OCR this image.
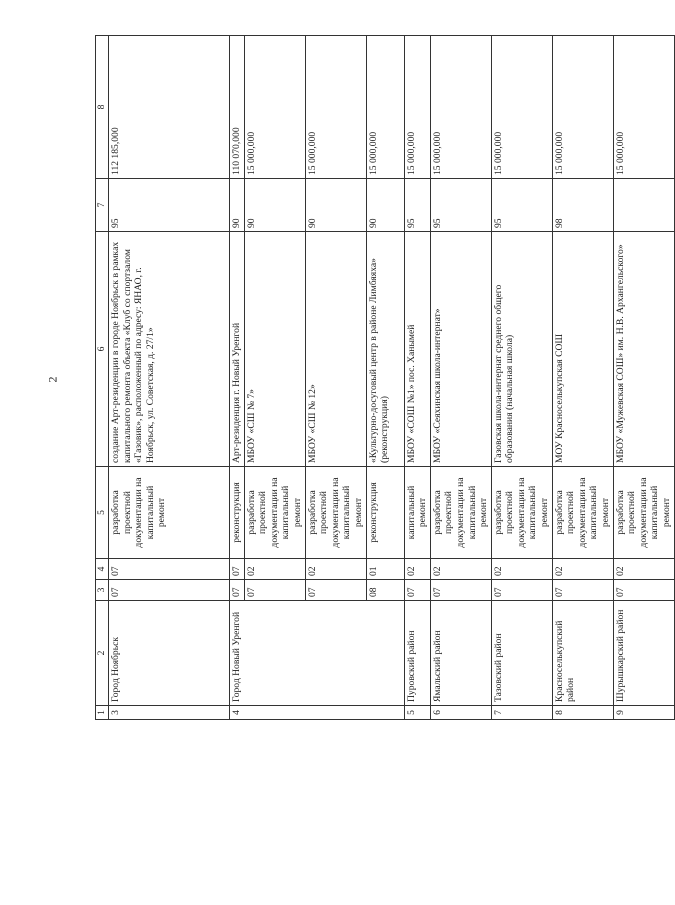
2
1	2	3	4	5	6	7	8
3	Город Ноябрьск	07	07	разработка проектной документации на капитальный ремонт	создание Арт-резиденции в городе Ноябрьск в рамках капитального ремонта объекта «Клуб со спортзалом «Газовик», расположенный по адресу: ЯНАО, г. Ноябрьск, ул. Советская, д. 27/1»	95	112 185,000
4	Город Новый Уренгой	07	07	реконструкция	Арт-резиденция г. Новый Уренгой	90	110 070,000
		07	02	разработка проектной документации на капитальный ремонт	МБОУ «СШ № 7»	90	15 000,000
		07	02	разработка проектной документации на капитальный ремонт	МБОУ «СШ № 12»	90	15 000,000
		08	01	реконструкция	«Культурно-досуговый центр в районе Лимбяяха» (реконструкция)	90	15 000,000
5	Пуровский район	07	02	капитальный ремонт	МБОУ «СОШ №1» пос. Ханымей	95	15 000,000
6	Ямальский район	07	02	разработка проектной документации на капитальный ремонт	МБОУ «Сеяхинская школа-интернат»	95	15 000,000
7	Тазовский район	07	02	разработка проектной документации на капитальный ремонт	Газовская школа-интернат среднего общего образования (начальная школа)	95	15 000,000
8	Красноселькупский район	07	02	разработка проектной документации на капитальный ремонт	МОУ Красноселькупская СОШ	98	15 000,000
9	Шурышкарский район	07	02	разработка проектной документации на капитальный ремонт	МБОУ «Мужевская СОШ» им. Н.В. Архангельского»		15 000,000
